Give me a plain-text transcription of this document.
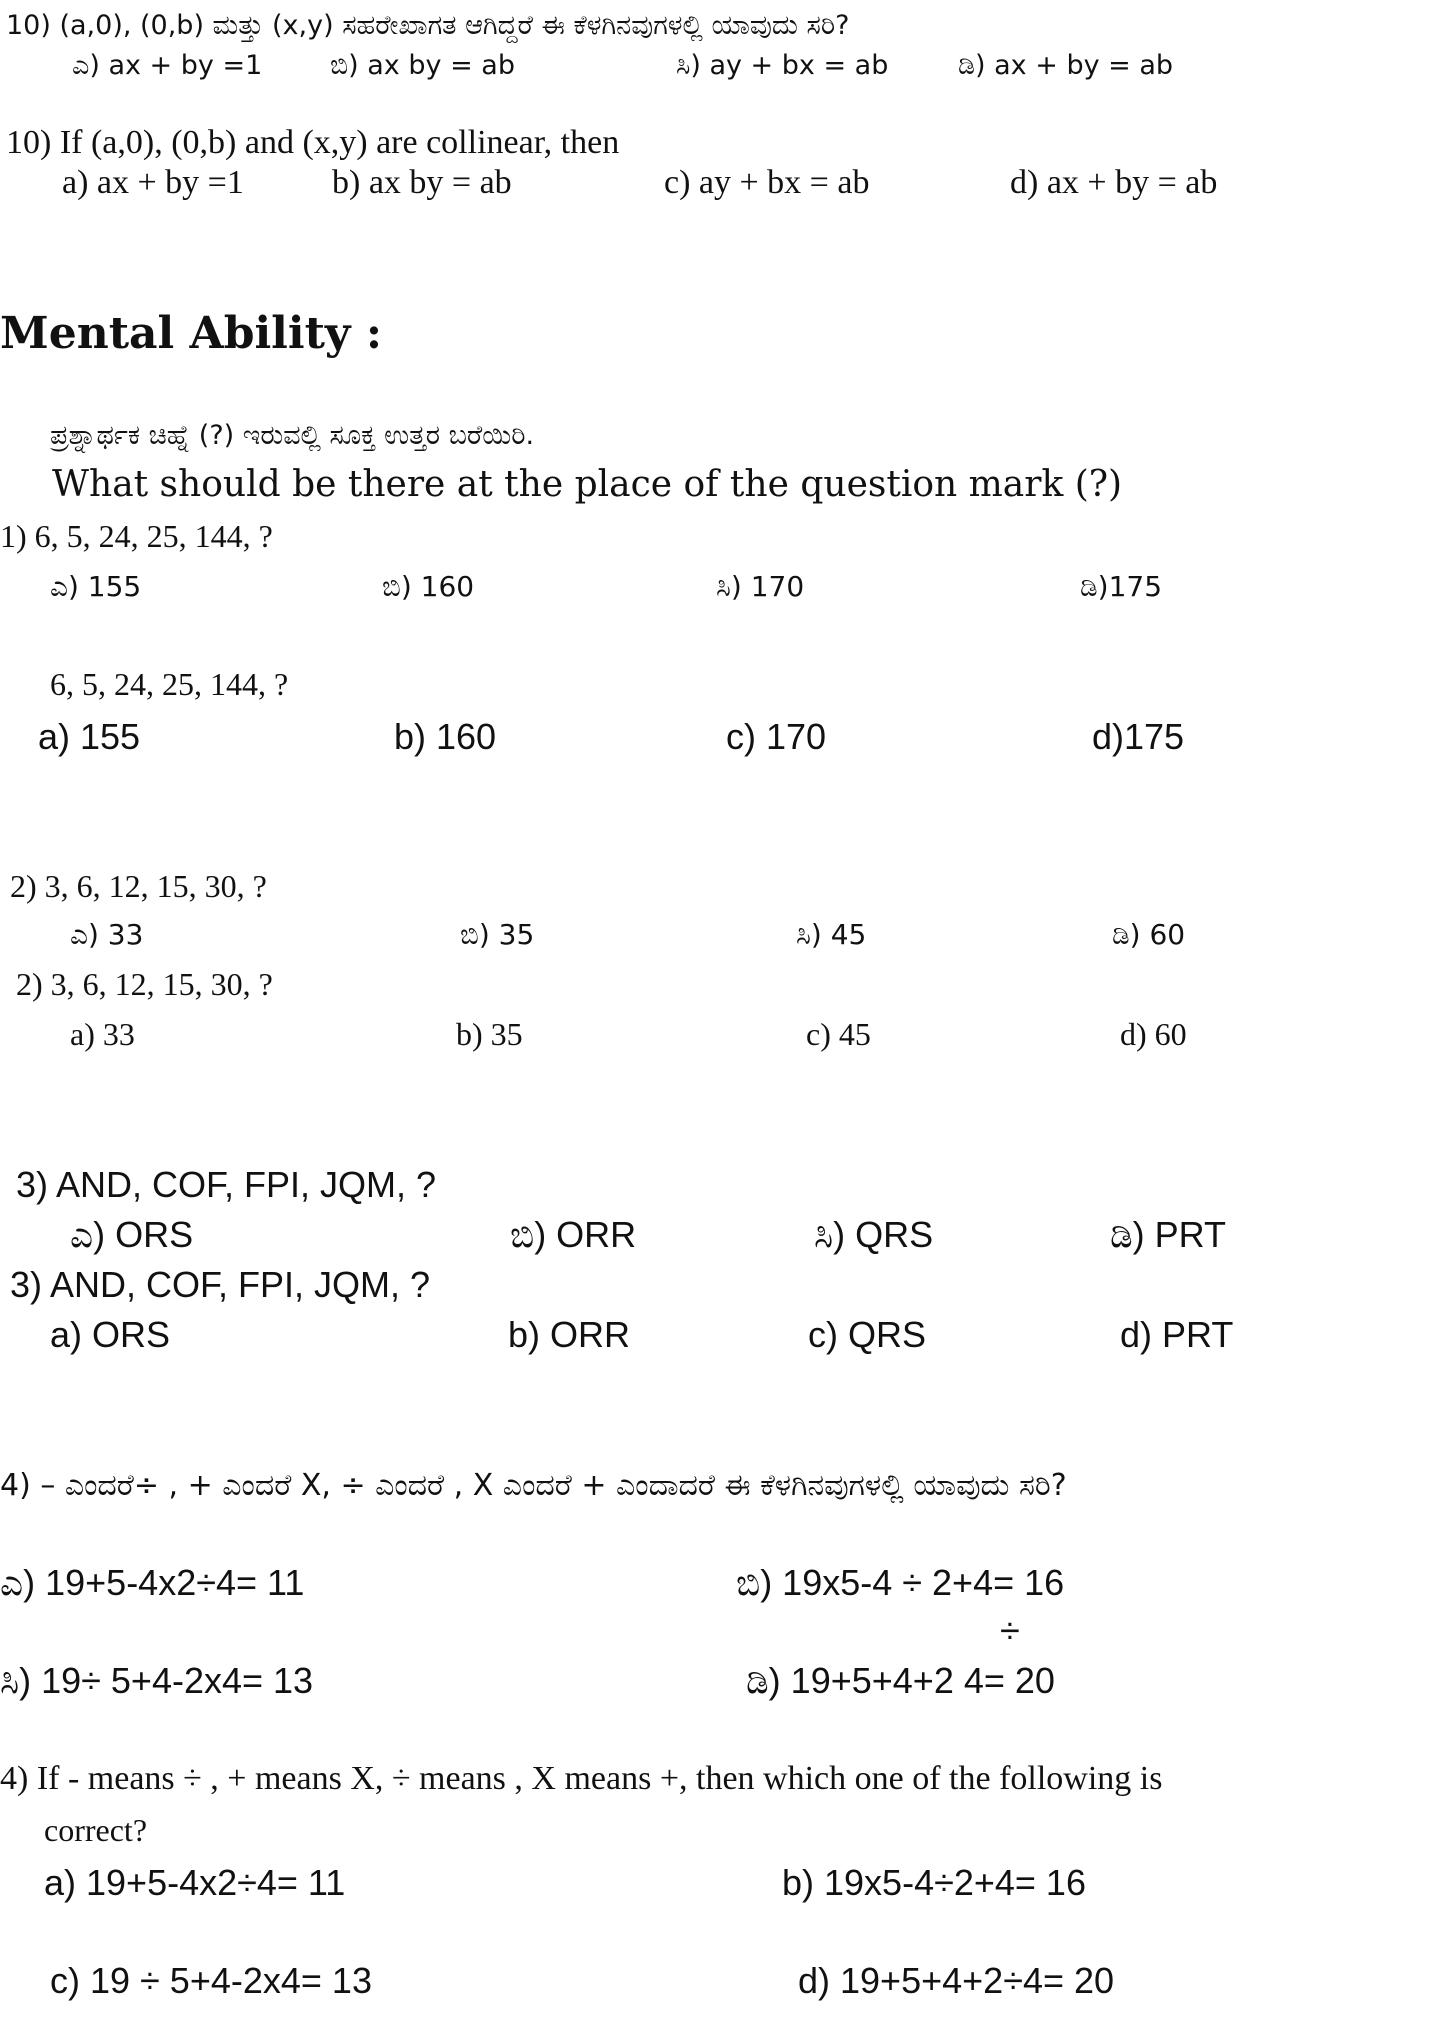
10) (a,0), (0,b) ಮತ್ತು (x,y) ಸಹರೇಖಾಗತ ಆಗಿದ್ದರೆ ಈ ಕೆಳಗಿನವುಗಳಲ್ಲಿ ಯಾವುದು ಸರಿ?
ಎ) ax + by =1	ಬಿ) ax by = ab	ಸಿ) ay + bx = ab	ಡಿ) ax + by = ab
10) If (a,0), (0,b) and (x,y) are collinear, then
a) ax + by =1	b) ax by = ab	c) ay + bx = ab	d) ax + by = ab
Mental Ability :
ಪ್ರಶ್ನಾರ್ಥಕ ಚಿಹ್ನೆ (?) ಇರುವಲ್ಲಿ ಸೂಕ್ತ ಉತ್ತರ ಬರೆಯಿರಿ.
What should be there at the place of the question mark (?)
1) 6, 5, 24, 25, 144, ?
ಎ) 155	ಬಿ) 160	ಸಿ) 170	ಡಿ)175
6, 5, 24, 25, 144, ?
a) 155	b) 160	c) 170	d)175
2) 3, 6, 12, 15, 30, ?
ಎ) 33	ಬಿ) 35	ಸಿ) 45	ಡಿ) 60
2) 3, 6, 12, 15, 30, ?
a) 33	b) 35	c) 45	d) 60
3) AND, COF, FPI, JQM, ?
ಎ) ORS	ಬಿ) ORR	ಸಿ) QRS	ಡಿ) PRT
3) AND, COF, FPI, JQM, ?
a) ORS	b) ORR	c) QRS	d) PRT
4) – ಎಂದರೆ÷ , + ಎಂದರೆ X, ÷ ಎಂದರೆ , X ಎಂದರೆ + ಎಂದಾದರೆ ಈ ಕೆಳಗಿನವುಗಳಲ್ಲಿ ಯಾವುದು ಸರಿ?
ಎ) 19+5-4x2÷4= 11	ಬಿ) 19x5-4 ÷ 2+4= 16
÷
ಸಿ) 19÷ 5+4-2x4= 13	ಡಿ) 19+5+4+2 4= 20
4) If - means ÷ , + means X, ÷ means , X means +, then which one of the following is
correct?
a) 19+5-4x2÷4= 11	b) 19x5-4÷2+4= 16
c) 19 ÷ 5+4-2x4= 13	d) 19+5+4+2÷4= 20
